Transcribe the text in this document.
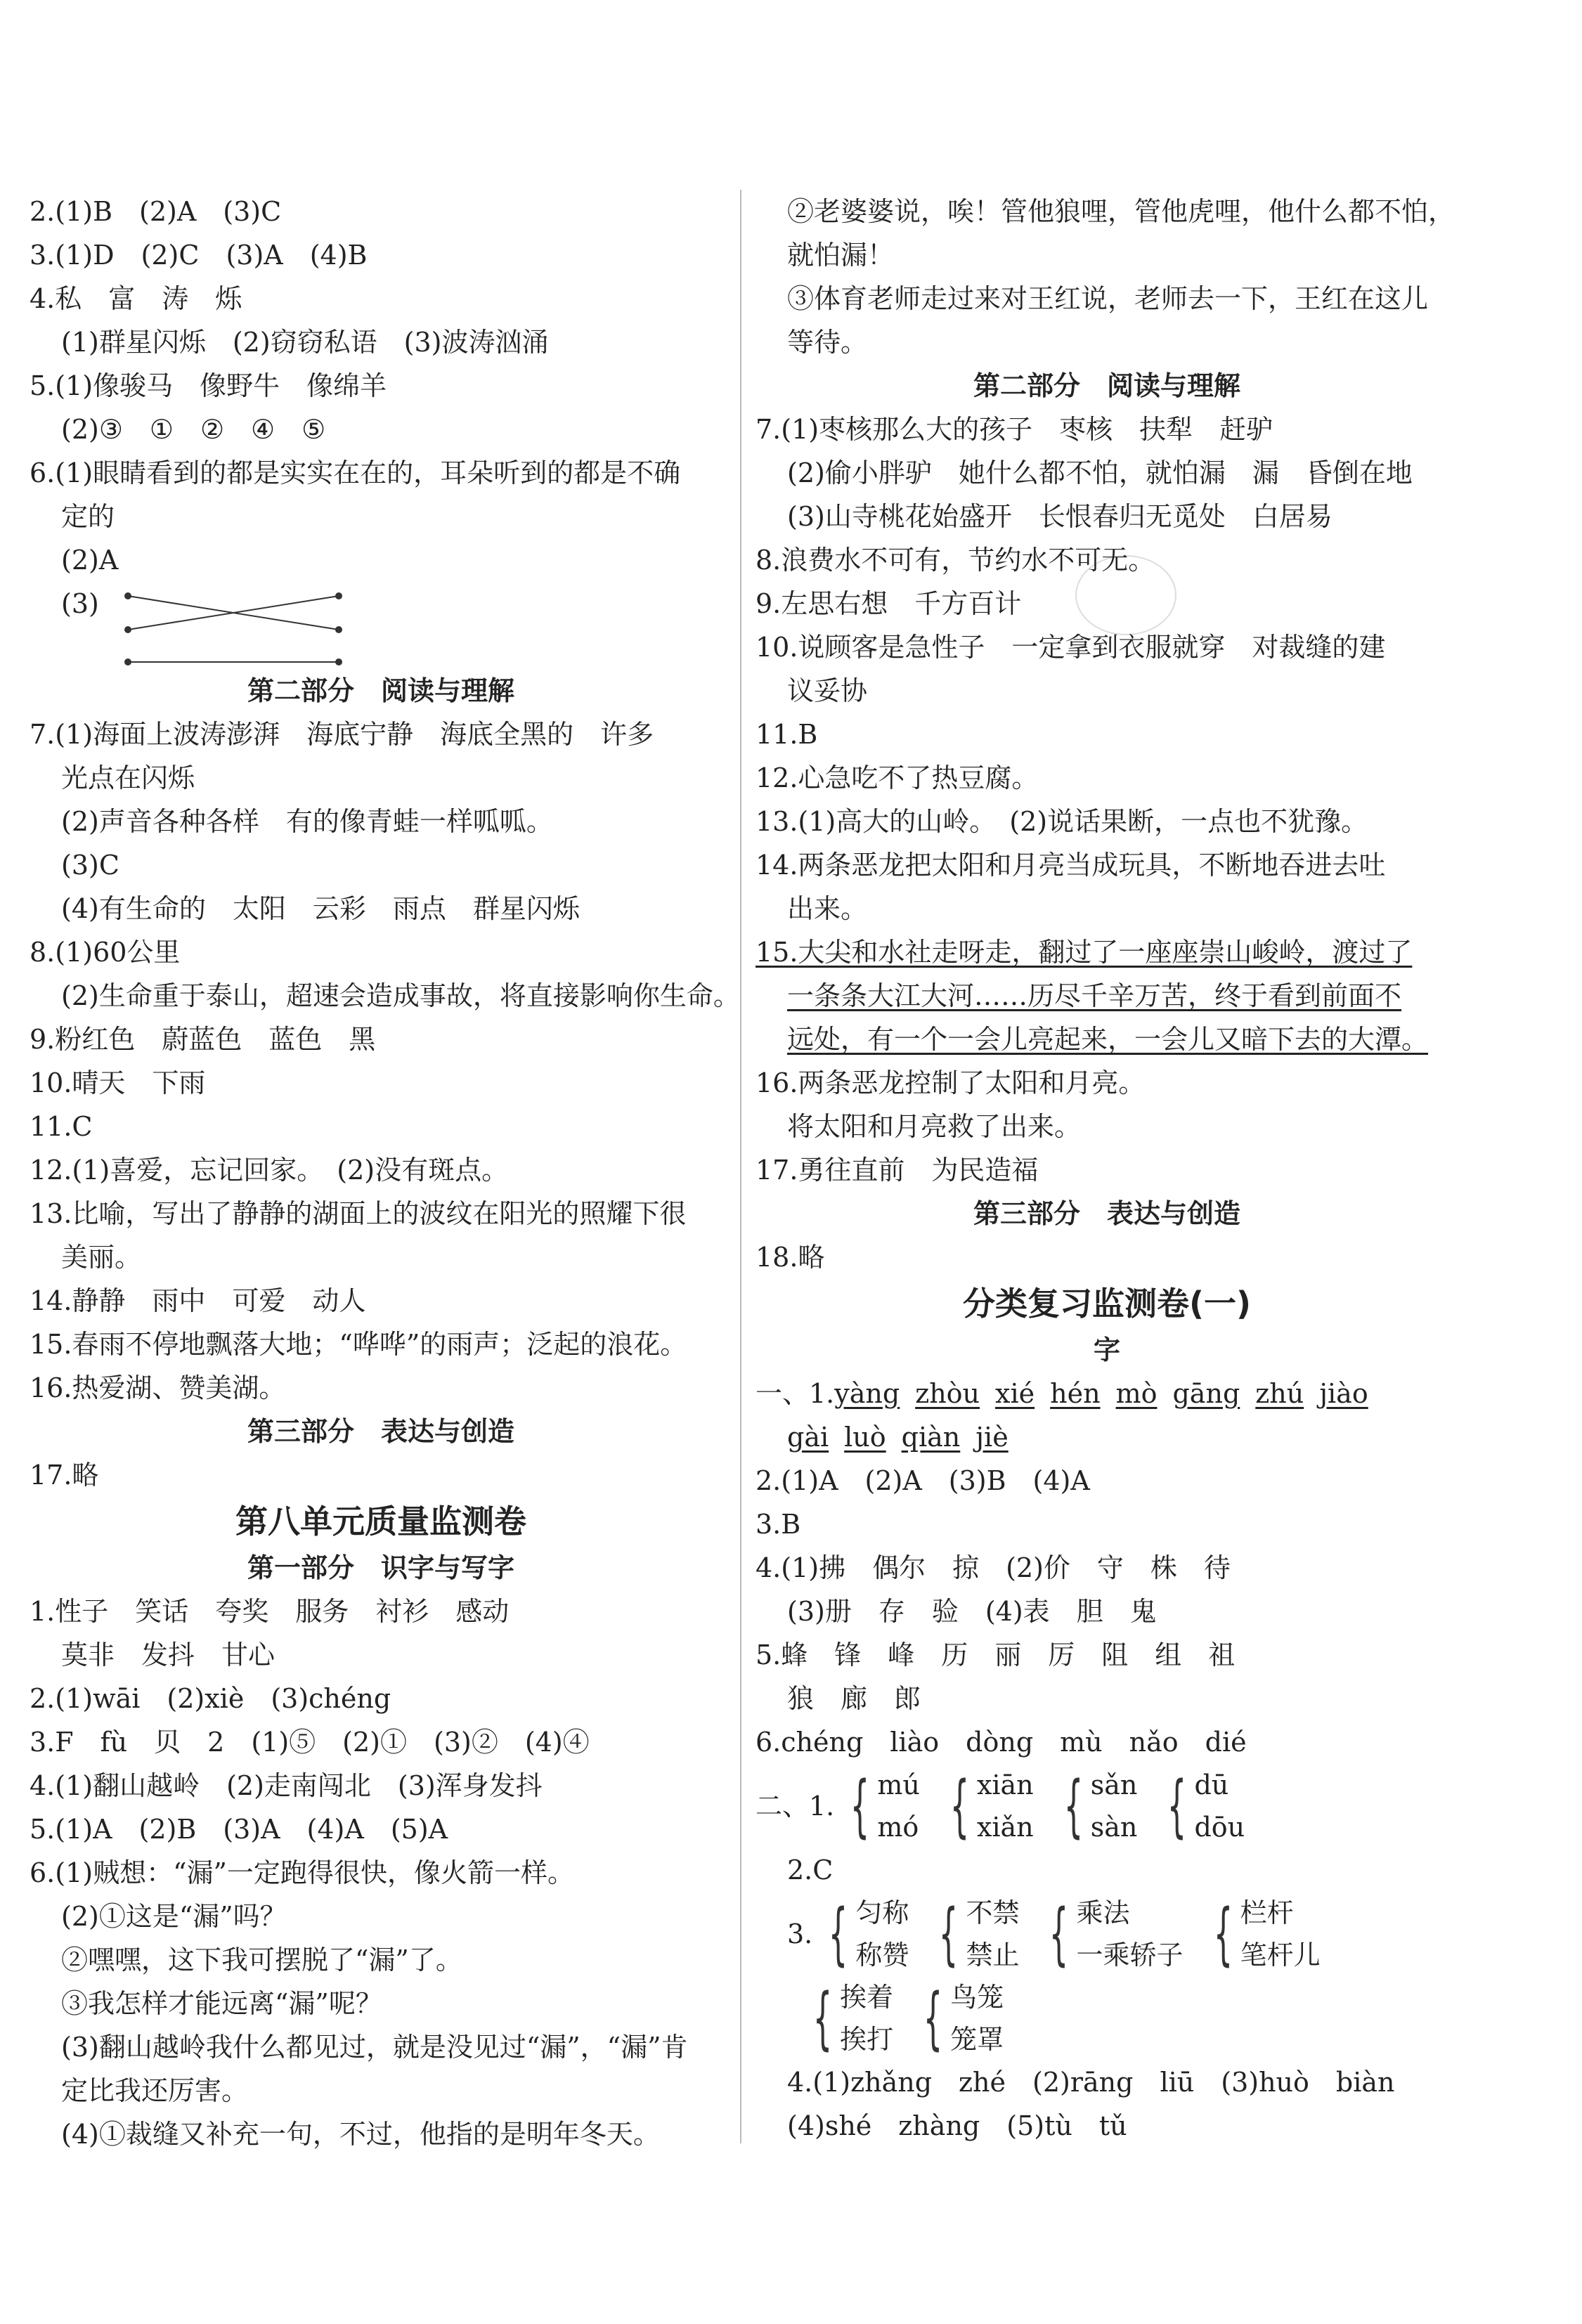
2.(1)B　(2)A　(3)C
3.(1)D　(2)C　(3)A　(4)B
4.私　富　涛　烁
(1)群星闪烁　(2)窃窃私语　(3)波涛汹涌
5.(1)像骏马　像野牛　像绵羊
(2)③　①　②　④　⑤
6.(1)眼睛看到的都是实实在在的，耳朵听到的都是不确
定的
(2)A
(3)
第二部分　阅读与理解
7.(1)海面上波涛澎湃　海底宁静　海底全黑的　许多
光点在闪烁
(2)声音各种各样　有的像青蛙一样呱呱。
(3)C
(4)有生命的　太阳　云彩　雨点　群星闪烁
8.(1)60公里
(2)生命重于泰山，超速会造成事故，将直接影响你生命。
9.粉红色　蔚蓝色　蓝色　黑
10.晴天　下雨
11.C
12.(1)喜爱，忘记回家。　(2)没有斑点。
13.比喻，写出了静静的湖面上的波纹在阳光的照耀下很
美丽。
14.静静　雨中　可爱　动人
15.春雨不停地飘落大地；“哗哗”的雨声；泛起的浪花。
16.热爱湖、赞美湖。
第三部分　表达与创造
17.略
第八单元质量监测卷
第一部分　识字与写字
1.性子　笑话　夸奖　服务　衬衫　感动
莫非　发抖　甘心
2.(1)wāi　(2)xiè　(3)chéng
3.F　fù　贝　2　(1)⑤　(2)①　(3)②　(4)④
4.(1)翻山越岭　(2)走南闯北　(3)浑身发抖
5.(1)A　(2)B　(3)A　(4)A　(5)A
6.(1)贼想：“漏”一定跑得很快，像火箭一样。
(2)①这是“漏”吗？
②嘿嘿，这下我可摆脱了“漏”了。
③我怎样才能远离“漏”呢？
(3)翻山越岭我什么都见过，就是没见过“漏”，“漏”肯
定比我还厉害。
(4)①裁缝又补充一句，不过，他指的是明年冬天。
②老婆婆说，唉！管他狼哩，管他虎哩，他什么都不怕，
就怕漏！
③体育老师走过来对王红说，老师去一下，王红在这儿
等待。
第二部分　阅读与理解
7.(1)枣核那么大的孩子　枣核　扶犁　赶驴
(2)偷小胖驴　她什么都不怕，就怕漏　漏　昏倒在地
(3)山寺桃花始盛开　长恨春归无觅处　白居易
8.浪费水不可有，节约水不可无。
9.左思右想　千方百计
10.说顾客是急性子　一定拿到衣服就穿　对裁缝的建
议妥协
11.B
12.心急吃不了热豆腐。
13.(1)高大的山岭。　(2)说话果断，一点也不犹豫。
14.两条恶龙把太阳和月亮当成玩具，不断地吞进去吐
出来。
15.大尖和水社走呀走，翻过了一座座崇山峻岭，渡过了
一条条大江大河……历尽千辛万苦，终于看到前面不
远处，有一个一会儿亮起来，一会儿又暗下去的大潭。
16.两条恶龙控制了太阳和月亮。
将太阳和月亮救了出来。
17.勇往直前　为民造福
第三部分　表达与创造
18.略
分类复习监测卷(一)
字
一、1.yàng zhòu xié hén mò gāng zhú jiào
gài luò qiàn jiè
2.(1)A　(2)A　(3)B　(4)A
3.B
4.(1)拂　偶尔　掠　(2)价　守　株　待
(3)册　存　验　(4)表　胆　鬼
5.蜂　锋　峰　历　丽　厉　阻　组　祖
狼　廊　郎
6.chéng　liào　dòng　mù　nǎo　dié
二、1. { mú
mó { xiān
xiǎn { sǎn
sàn { dū
dōu
2.C
3. { 匀称
称赞 { 不禁
禁止 { 乘法
一乘轿子 { 栏杆
笔杆儿
{ 挨着
挨打 { 鸟笼
笼罩
4.(1)zhǎng　zhé　(2)rāng　liū　(3)huò　biàn
(4)shé　zhàng　(5)tù　tǔ
